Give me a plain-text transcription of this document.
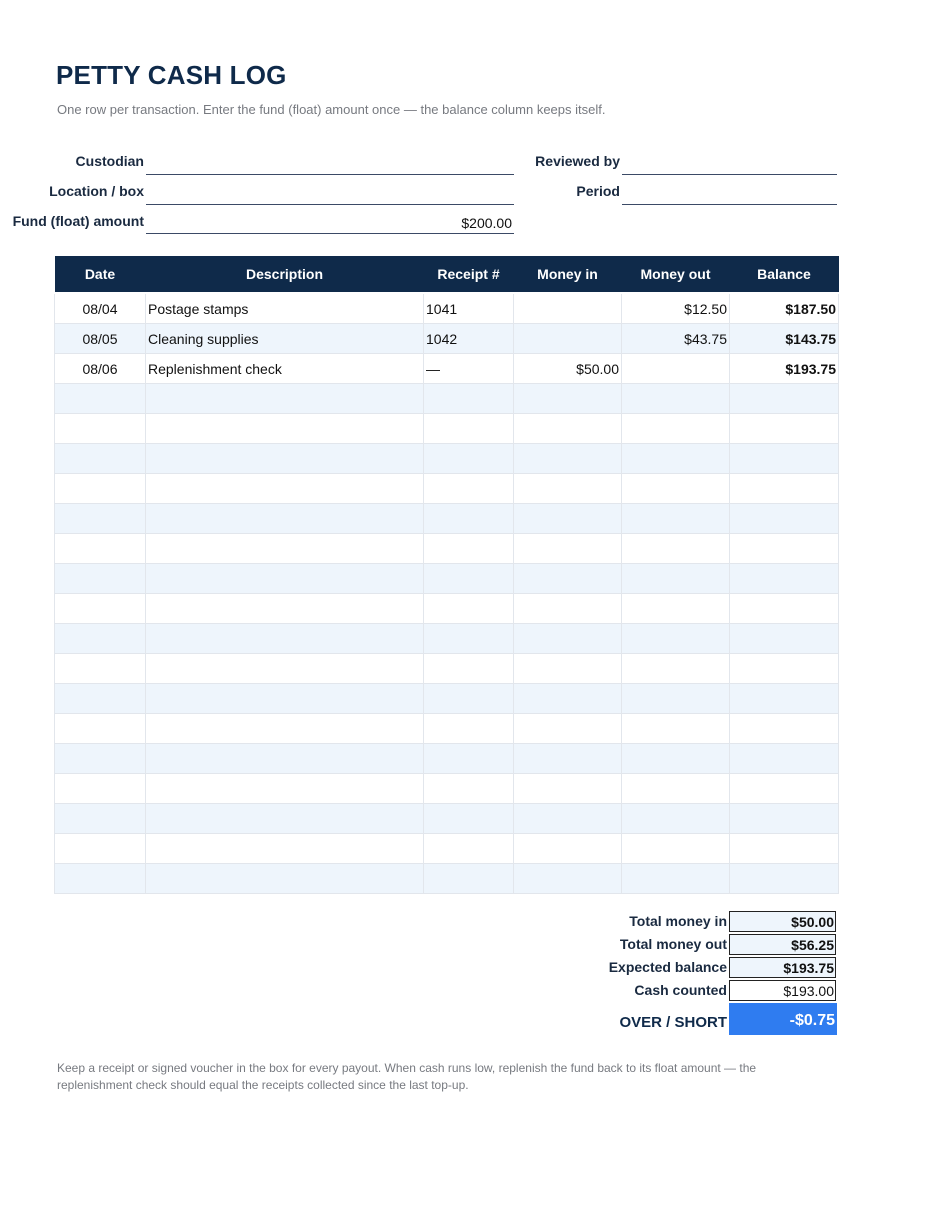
PETTY CASH LOG
One row per transaction. Enter the fund (float) amount once — the balance column keeps itself.
Custodian
Location / box
Fund (float) amount	$200.00
Reviewed by
Period
Date	Description	Receipt #	Money in	Money out	Balance
08/04	Postage stamps	1041		$12.50	$187.50
08/05	Cleaning supplies	1042		$43.75	$143.75
08/06	Replenishment check	—	$50.00		$193.75

Total money in	$50.00
Total money out	$56.25
Expected balance	$193.75
Cash counted	$193.00
OVER / SHORT	-$0.75
Keep a receipt or signed voucher in the box for every payout. When cash runs low, replenish the fund back to its float amount — the replenishment check should equal the receipts collected since the last top-up.
